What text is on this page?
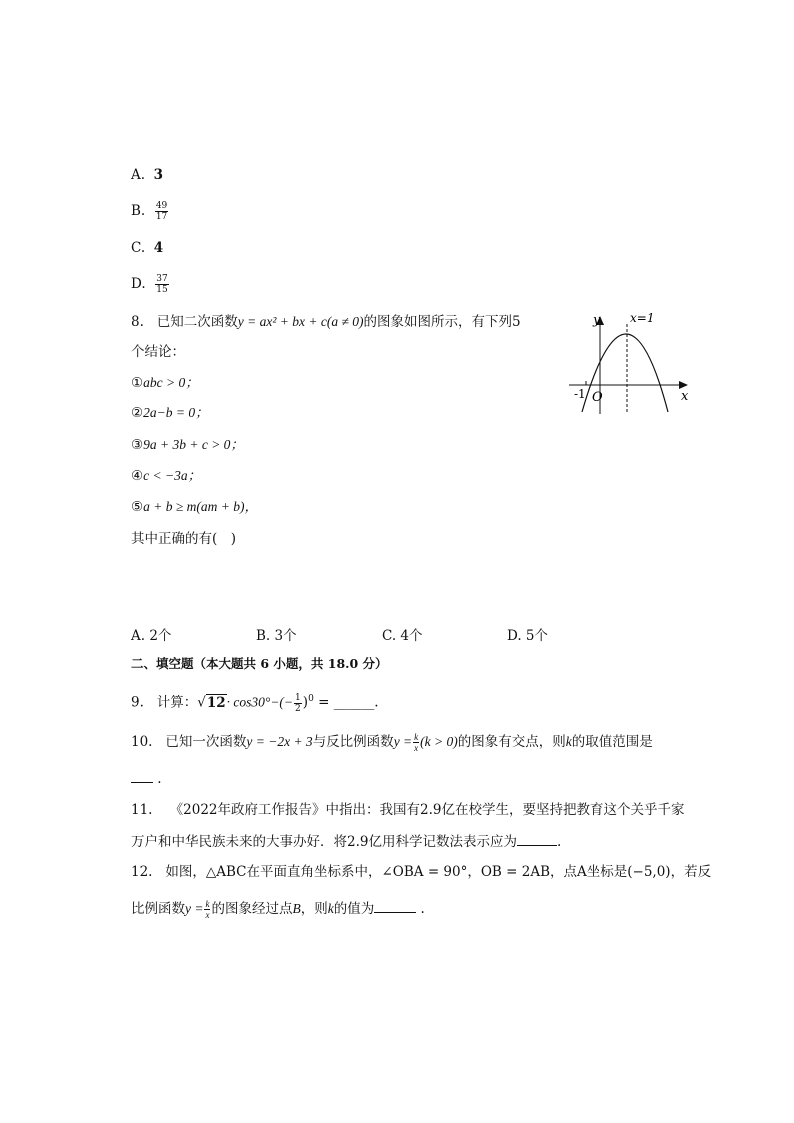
A. 3
B. $\frac{49}{17}$
C. 4
D. $\frac{37}{15}$
8. 已知二次函数y = ax² + bx + c(a ≠ 0)的图象如图所示，有下列5
个结论：
①abc > 0；
②2a−b = 0；
③9a + 3b + c > 0；
④c < −3a；
⑤a + b ≥ m(am + b)，
其中正确的有(　)
y x=1
x
-1 O
A. 2个	B. 3个	C. 4个	D. 5个
二、填空题（本大题共 6 小题，共 18.0 分）
9. 计算：$√12\cdot \cos 30^\circ-(- \frac{1}{2} )^0$ = ______.
10. 已知一次函数y = −2x + 3与反比例函数$y = \frac{k}{x} (k > 0)$的图象有交点，则k的取值范围是
.
11. 《2022年政府工作报告》中指出：我国有2.9亿在校学生，要坚持把教育这个关乎千家
万户和中华民族未来的大事办好．将2.9亿用科学记数法表示应为	.
12. 如图，△ABC在平面直角坐标系中，∠OBA = 90°，OB = 2AB，点A坐标是(−5,0)，若反
比例函数$y = \frac{k}{x}$ 的图象经过点B，则k的值为	.
